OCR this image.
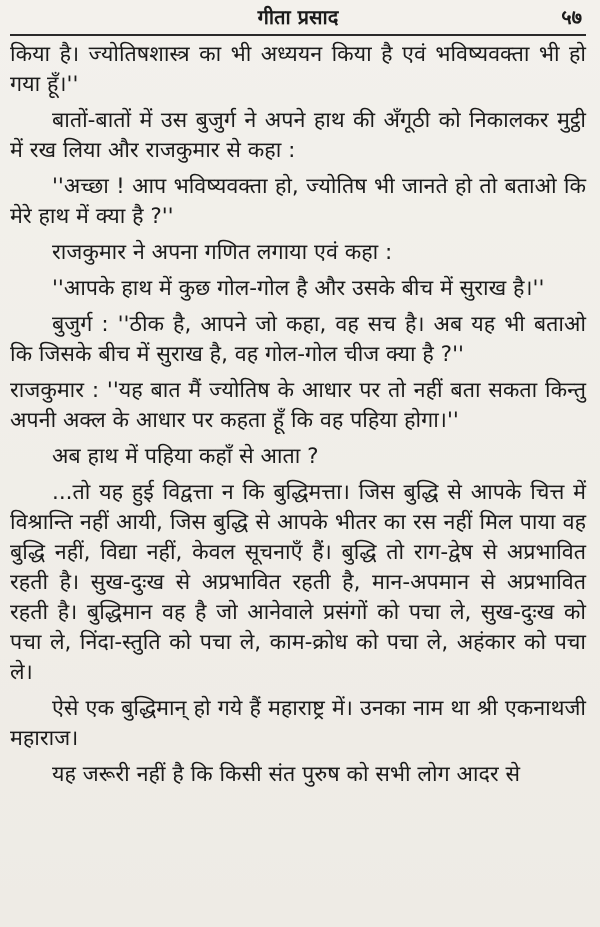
गीता प्रसाद	५७

किया है। ज्योतिषशास्त्र का भी अध्ययन किया है एवं भविष्यवक्ता भी हो गया हूँ।''

बातों-बातों में उस बुजुर्ग ने अपने हाथ की अँगूठी को निकालकर मुट्ठी में रख लिया और राजकुमार से कहा :

''अच्छा ! आप भविष्यवक्ता हो, ज्योतिष भी जानते हो तो बताओ कि मेरे हाथ में क्या है ?''

राजकुमार ने अपना गणित लगाया एवं कहा :

''आपके हाथ में कुछ गोल-गोल है और उसके बीच में सुराख है।''

बुजुर्ग : ''ठीक है, आपने जो कहा, वह सच है। अब यह भी बताओ कि जिसके बीच में सुराख है, वह गोल-गोल चीज क्या है ?''

राजकुमार : ''यह बात मैं ज्योतिष के आधार पर तो नहीं बता सकता किन्तु अपनी अक्ल के आधार पर कहता हूँ कि वह पहिया होगा।''

अब हाथ में पहिया कहाँ से आता ?

...तो यह हुई विद्वत्ता न कि बुद्धिमत्ता। जिस बुद्धि से आपके चित्त में विश्रान्ति नहीं आयी, जिस बुद्धि से आपके भीतर का रस नहीं मिल पाया वह बुद्धि नहीं, विद्या नहीं, केवल सूचनाएँ हैं। बुद्धि तो राग-द्वेष से अप्रभावित रहती है। सुख-दुःख से अप्रभावित रहती है, मान-अपमान से अप्रभावित रहती है। बुद्धिमान वह है जो आनेवाले प्रसंगों को पचा ले, सुख-दुःख को पचा ले, निंदा-स्तुति को पचा ले, काम-क्रोध को पचा ले, अहंकार को पचा ले।

ऐसे एक बुद्धिमान् हो गये हैं महाराष्ट्र में। उनका नाम था श्री एकनाथजी महाराज।

यह जरूरी नहीं है कि किसी संत पुरुष को सभी लोग आदर से
